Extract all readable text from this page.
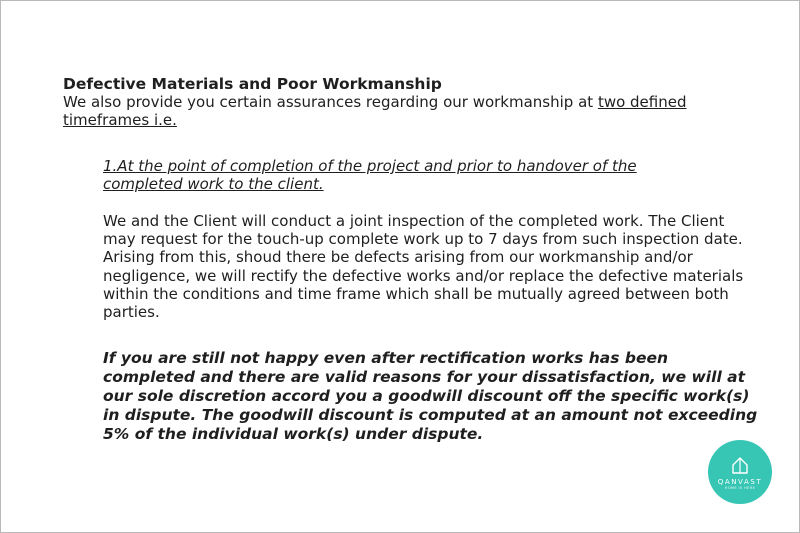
Defective Materials and Poor Workmanship

We also provide you certain assurances regarding our workmanship at two defined timeframes i.e.

1.At the point of completion of the project and prior to handover of the completed work to the client.

We and the Client will conduct a joint inspection of the completed work. The Client may request for the touch-up complete work up to 7 days from such inspection date. Arising from this, shoud there be defects arising from our workmanship and/or negligence, we will rectify the defective works and/or replace the defective materials within the conditions and time frame which shall be mutually agreed between both parties.

If you are still not happy even after rectification works has been completed and there are valid reasons for your dissatisfaction, we will at our sole discretion accord you a goodwill discount off the specific work(s) in dispute. The goodwill discount is computed at an amount not exceeding 5% of the individual work(s) under dispute.

QANVAST
HOME IS HERE
